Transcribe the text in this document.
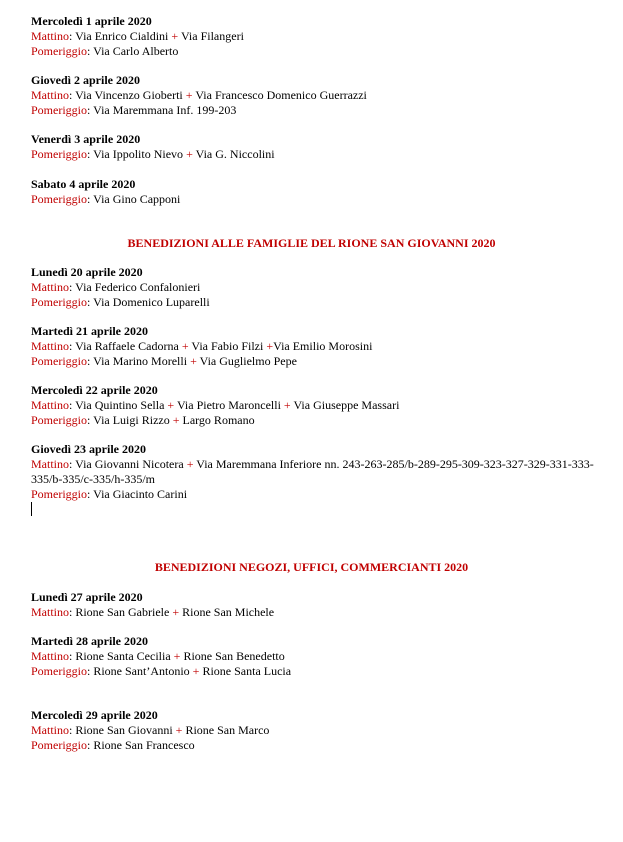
Mercoledì 1 aprile 2020
Mattino: Via Enrico Cialdini + Via Filangeri
Pomeriggio: Via Carlo Alberto
Giovedì 2 aprile 2020
Mattino: Via Vincenzo Gioberti + Via Francesco Domenico Guerrazzi
Pomeriggio: Via Maremmana Inf. 199-203
Venerdì 3 aprile 2020
Pomeriggio: Via Ippolito Nievo + Via G. Niccolini
Sabato 4 aprile 2020
Pomeriggio: Via Gino Capponi
BENEDIZIONI ALLE FAMIGLIE DEL RIONE SAN GIOVANNI 2020
Lunedì 20 aprile 2020
Mattino: Via Federico Confalonieri
Pomeriggio: Via Domenico Luparelli
Martedì 21 aprile 2020
Mattino: Via Raffaele Cadorna + Via Fabio Filzi +Via Emilio Morosini
Pomeriggio: Via Marino Morelli + Via Guglielmo Pepe
Mercoledì 22 aprile 2020
Mattino: Via Quintino Sella + Via Pietro Maroncelli + Via Giuseppe Massari
Pomeriggio: Via Luigi Rizzo + Largo Romano
Giovedì 23 aprile 2020
Mattino: Via Giovanni Nicotera + Via Maremmana Inferiore nn. 243-263-285/b-289-295-309-323-327-329-331-333-335/b-335/c-335/h-335/m
Pomeriggio: Via Giacinto Carini
BENEDIZIONI NEGOZI, UFFICI, COMMERCIANTI 2020
Lunedì 27 aprile 2020
Mattino: Rione San Gabriele + Rione San Michele
Martedì 28 aprile 2020
Mattino: Rione Santa Cecilia + Rione San Benedetto
Pomeriggio: Rione Sant’Antonio + Rione Santa Lucia
Mercoledì 29 aprile 2020
Mattino: Rione San Giovanni + Rione San Marco
Pomeriggio: Rione San Francesco
